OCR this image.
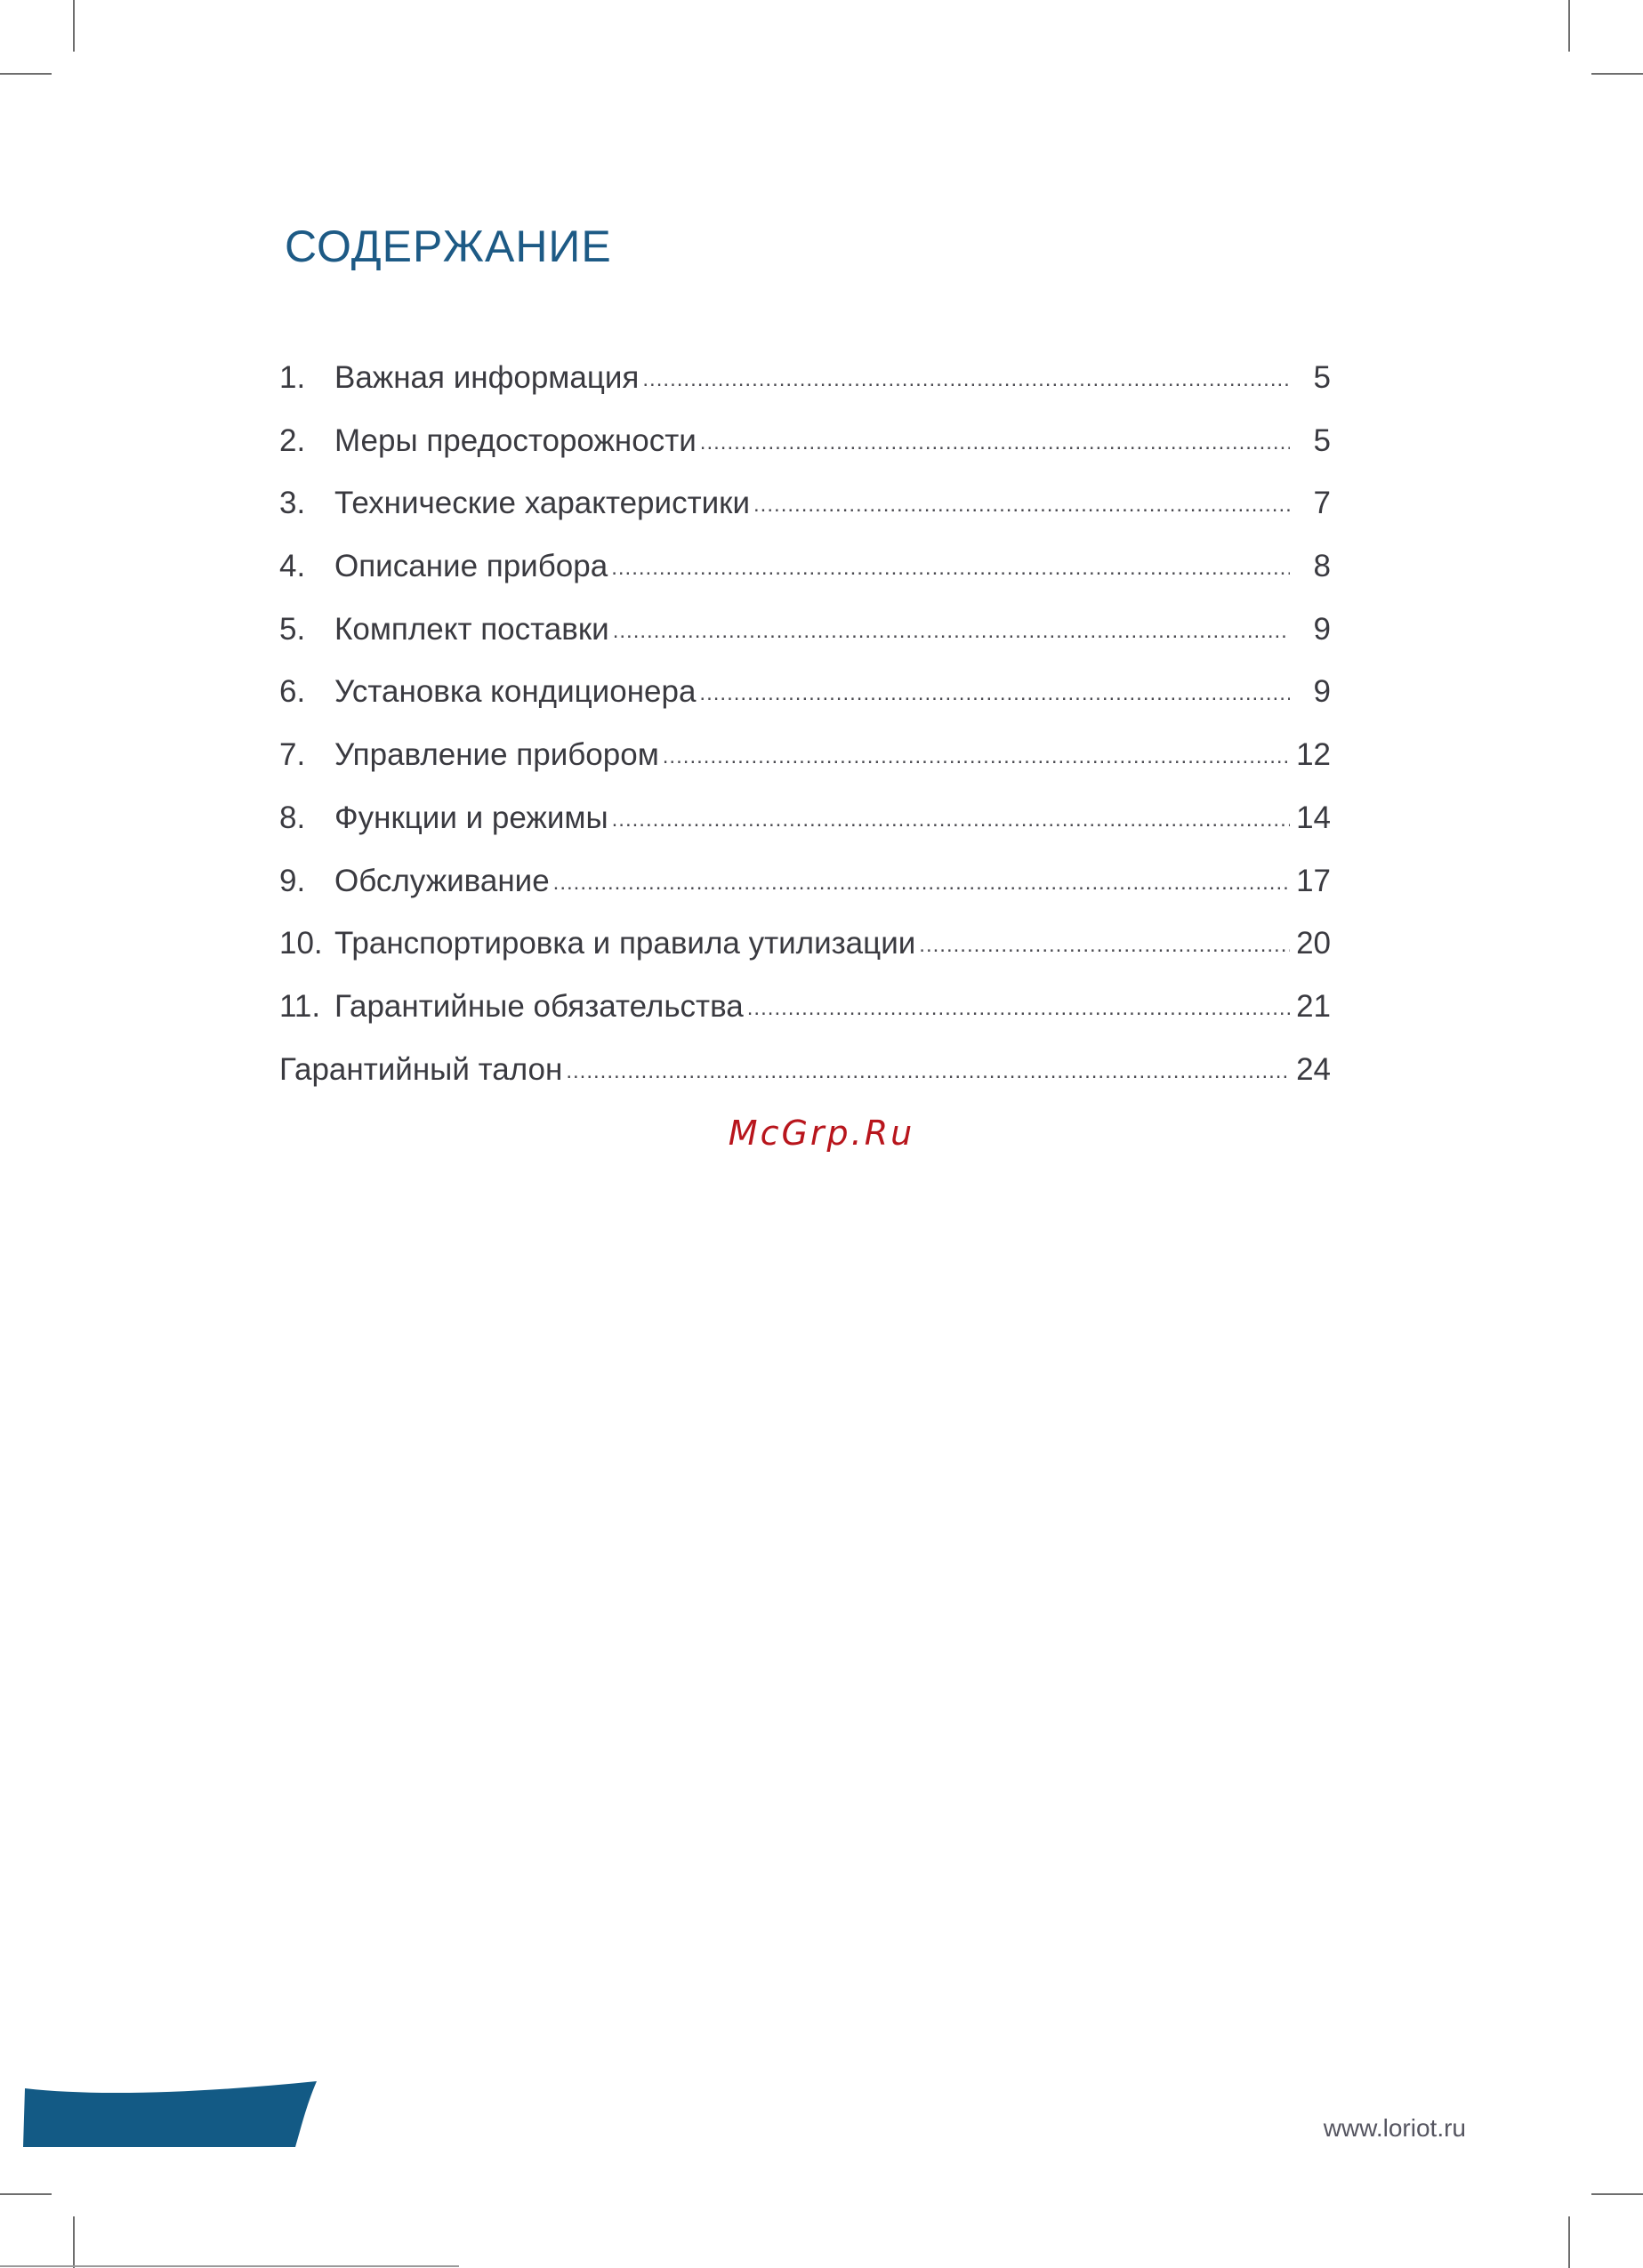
СОДЕРЖАНИЕ
1. Важная информация .....	5
2. Меры предосторожности .....	5
3. Технические характеристики .....	7
4. Описание прибора .....	8
5. Комплект поставки .....	9
6. Установка кондиционера .....	9
7. Управление прибором .....	12
8. Функции и режимы .....	14
9. Обслуживание .....	17
10. Транспортировка и правила утилизации .....	20
11. Гарантийные обязательства .....	21
Гарантийный талон .....	24

McGrp.Ru

www.loriot.ru
